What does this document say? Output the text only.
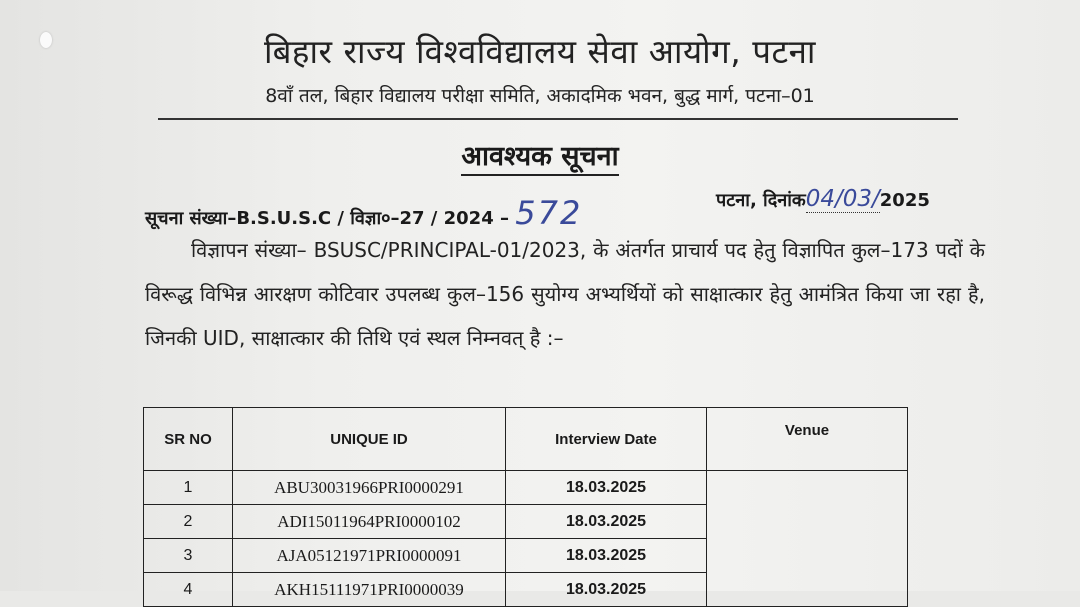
बिहार राज्य विश्वविद्यालय सेवा आयोग, पटना
8वाँ तल, बिहार विद्यालय परीक्षा समिति, अकादमिक भवन, बुद्ध मार्ग, पटना–01
आवश्यक सूचना
सूचना संख्या–B.S.U.S.C / विज्ञा०–27 / 2024 – 572	पटना, दिनांक04/03/2025
विज्ञापन संख्या– BSUSC/PRINCIPAL-01/2023, के अंतर्गत प्राचार्य पद हेतु विज्ञापित कुल–173 पदों के विरूद्ध विभिन्न आरक्षण कोटिवार उपलब्ध कुल–156 सुयोग्य अभ्यर्थियों को साक्षात्कार हेतु आमंत्रित किया जा रहा है, जिनकी UID, साक्षात्कार की तिथि एवं स्थल निम्नवत् है :–
SR NO	UNIQUE ID	Interview Date	Venue
1	ABU30031966PRI0000291	18.03.2025	
2	ADI15011964PRI0000102	18.03.2025	
3	AJA05121971PRI0000091	18.03.2025	
4	AKH15111971PRI0000039	18.03.2025	
